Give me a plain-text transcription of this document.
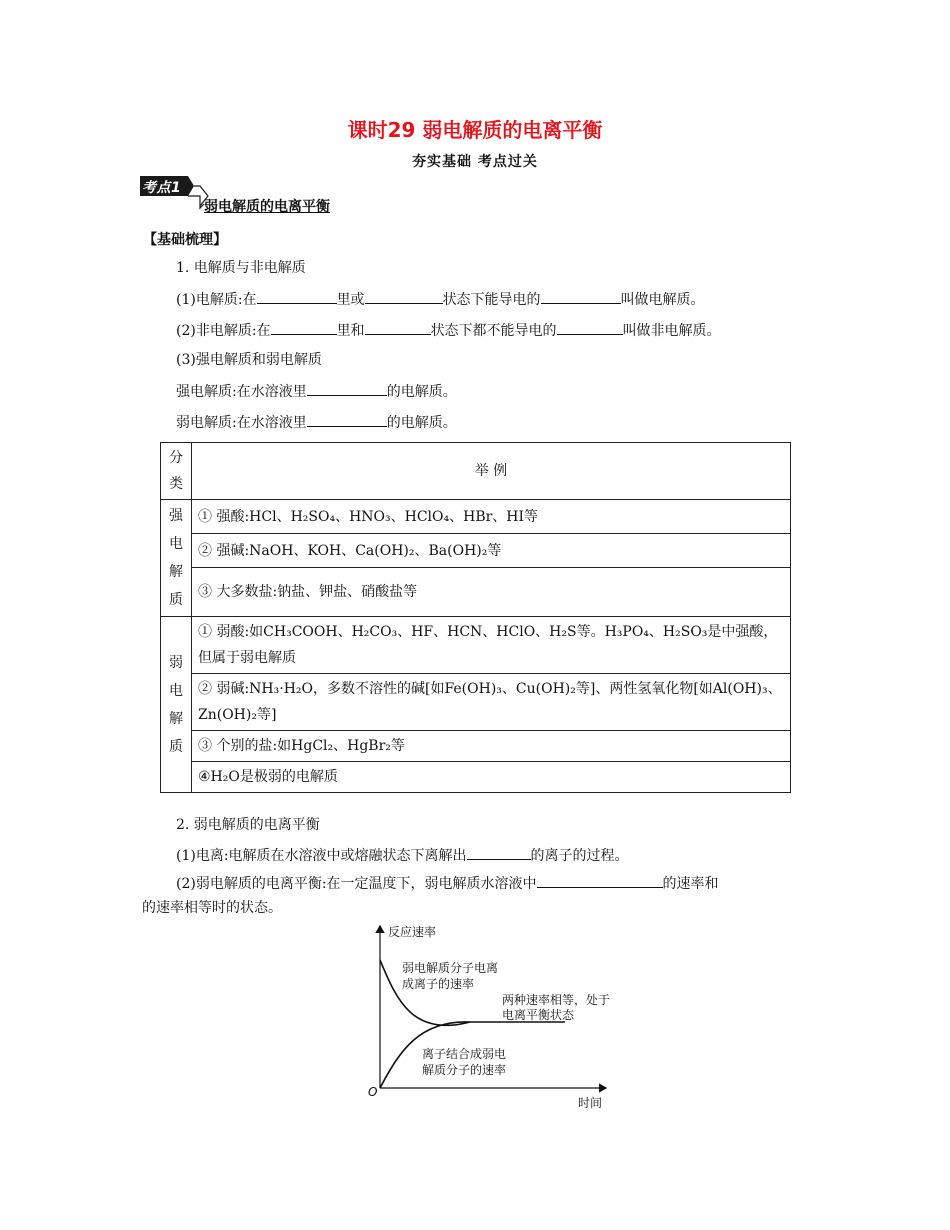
课时29 弱电解质的电离平衡
夯实基础 考点过关
考点1
弱电解质的电离平衡
【基础梳理】
1. 电解质与非电解质
(1)电解质:在	里或	状态下能导电的	叫做电解质。
(2)非电解质:在	里和	状态下都不能导电的	叫做非电解质。
(3)强电解质和弱电解质
强电解质:在水溶液里	的电解质。
弱电解质:在水溶液里	的电解质。
分类	举 例

强电解质	① 强酸:HCl、H₂SO₄、HNO₃、HClO₄、HBr、HI等
	② 强碱:NaOH、KOH、Ca(OH)₂、Ba(OH)₂等
	③ 大多数盐:钠盐、钾盐、硝酸盐等

弱电解质	① 弱酸:如CH₃COOH、H₂CO₃、HF、HCN、HClO、H₂S等。H₃PO₄、H₂SO₃是中强酸，但属于弱电解质
	② 弱碱:NH₃·H₂O，多数不溶性的碱[如Fe(OH)₃、Cu(OH)₂等]、两性氢氧化物[如Al(OH)₃、Zn(OH)₂等]
	③ 个别的盐:如HgCl₂、HgBr₂等
	④H₂O是极弱的电解质
2. 弱电解质的电离平衡
(1)电离:电解质在水溶液中或熔融状态下离解出	的离子的过程。
(2)弱电解质的电离平衡:在一定温度下，弱电解质水溶液中	的速率和
的速率相等时的状态。
反应速率
时间
O
弱电解质分子电离
成离子的速率
两种速率相等，处于
电离平衡状态
离子结合成弱电
解质分子的速率
